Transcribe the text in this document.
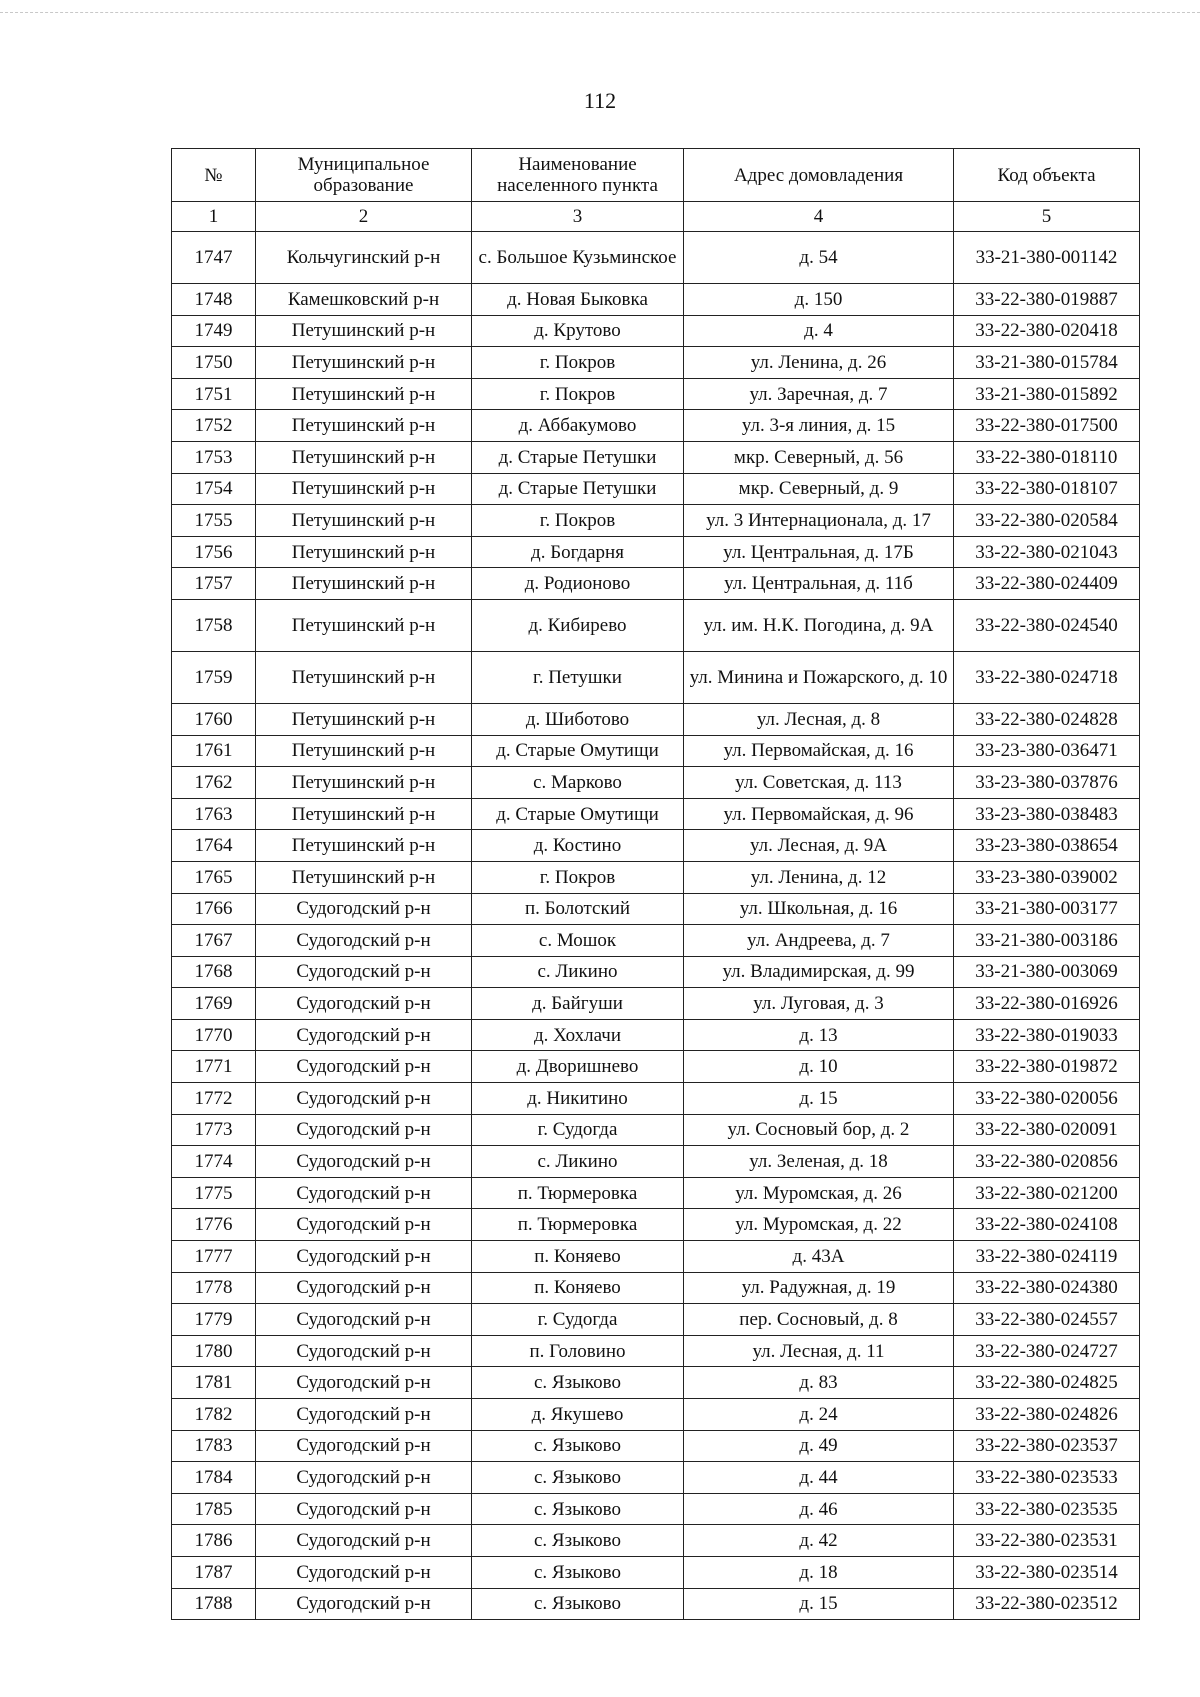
112
№	Муниципальное образование	Наименование населенного пункта	Адрес домовладения	Код объекта
1	2	3	4	5
1747	Кольчугинский р-н	с. Большое Кузьминское	д. 54	33-21-380-001142
1748	Камешковский р-н	д. Новая Быковка	д. 150	33-22-380-019887
1749	Петушинский р-н	д. Крутово	д. 4	33-22-380-020418
1750	Петушинский р-н	г. Покров	ул. Ленина, д. 26	33-21-380-015784
1751	Петушинский р-н	г. Покров	ул. Заречная, д. 7	33-21-380-015892
1752	Петушинский р-н	д. Аббакумово	ул. 3-я линия, д. 15	33-22-380-017500
1753	Петушинский р-н	д. Старые Петушки	мкр. Северный, д. 56	33-22-380-018110
1754	Петушинский р-н	д. Старые Петушки	мкр. Северный, д. 9	33-22-380-018107
1755	Петушинский р-н	г. Покров	ул. 3 Интернационала, д. 17	33-22-380-020584
1756	Петушинский р-н	д. Богдарня	ул. Центральная, д. 17Б	33-22-380-021043
1757	Петушинский р-н	д. Родионово	ул. Центральная, д. 11б	33-22-380-024409
1758	Петушинский р-н	д. Кибирево	ул. им. Н.К. Погодина, д. 9А	33-22-380-024540
1759	Петушинский р-н	г. Петушки	ул. Минина и Пожарского, д. 10	33-22-380-024718
1760	Петушинский р-н	д. Шиботово	ул. Лесная, д. 8	33-22-380-024828
1761	Петушинский р-н	д. Старые Омутищи	ул. Первомайская, д. 16	33-23-380-036471
1762	Петушинский р-н	с. Марково	ул. Советская, д. 113	33-23-380-037876
1763	Петушинский р-н	д. Старые Омутищи	ул. Первомайская, д. 96	33-23-380-038483
1764	Петушинский р-н	д. Костино	ул. Лесная, д. 9А	33-23-380-038654
1765	Петушинский р-н	г. Покров	ул. Ленина, д. 12	33-23-380-039002
1766	Судогодский р-н	п. Болотский	ул. Школьная, д. 16	33-21-380-003177
1767	Судогодский р-н	с. Мошок	ул. Андреева, д. 7	33-21-380-003186
1768	Судогодский р-н	с. Ликино	ул. Владимирская, д. 99	33-21-380-003069
1769	Судогодский р-н	д. Байгуши	ул. Луговая, д. 3	33-22-380-016926
1770	Судогодский р-н	д. Хохлачи	д. 13	33-22-380-019033
1771	Судогодский р-н	д. Дворишнево	д. 10	33-22-380-019872
1772	Судогодский р-н	д. Никитино	д. 15	33-22-380-020056
1773	Судогодский р-н	г. Судогда	ул. Сосновый бор, д. 2	33-22-380-020091
1774	Судогодский р-н	с. Ликино	ул. Зеленая, д. 18	33-22-380-020856
1775	Судогодский р-н	п. Тюрмеровка	ул. Муромская, д. 26	33-22-380-021200
1776	Судогодский р-н	п. Тюрмеровка	ул. Муромская, д. 22	33-22-380-024108
1777	Судогодский р-н	п. Коняево	д. 43А	33-22-380-024119
1778	Судогодский р-н	п. Коняево	ул. Радужная, д. 19	33-22-380-024380
1779	Судогодский р-н	г. Судогда	пер. Сосновый, д. 8	33-22-380-024557
1780	Судогодский р-н	п. Головино	ул. Лесная, д. 11	33-22-380-024727
1781	Судогодский р-н	с. Языково	д. 83	33-22-380-024825
1782	Судогодский р-н	д. Якушево	д. 24	33-22-380-024826
1783	Судогодский р-н	с. Языково	д. 49	33-22-380-023537
1784	Судогодский р-н	с. Языково	д. 44	33-22-380-023533
1785	Судогодский р-н	с. Языково	д. 46	33-22-380-023535
1786	Судогодский р-н	с. Языково	д. 42	33-22-380-023531
1787	Судогодский р-н	с. Языково	д. 18	33-22-380-023514
1788	Судогодский р-н	с. Языково	д. 15	33-22-380-023512
